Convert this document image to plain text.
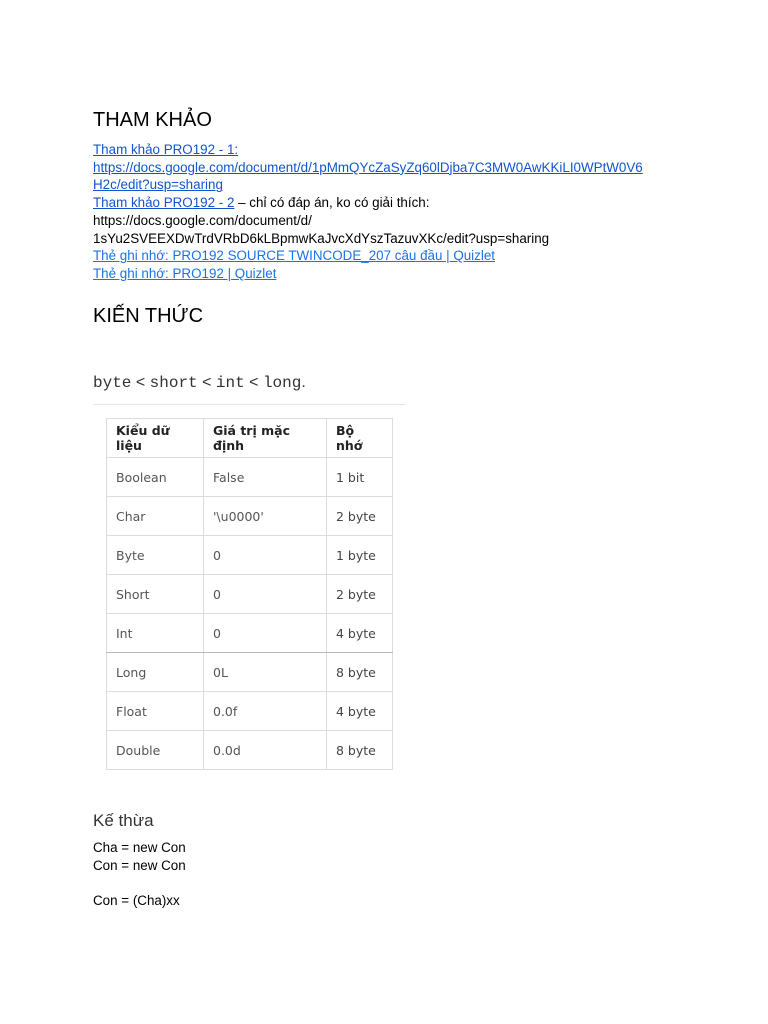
THAM KHẢO
Tham khảo PRO192 - 1:
https://docs.google.com/document/d/1pMmQYcZaSyZq60lDjba7C3MW0AwKKiLI0WPtW0V6
H2c/edit?usp=sharing
Tham khảo PRO192 - 2 – chỉ có đáp án, ko có giải thích:
https://docs.google.com/document/d/
1sYu2SVEEXDwTrdVRbD6kLBpmwKaJvcXdYszTazuvXKc/edit?usp=sharing
Thẻ ghi nhớ: PRO192 SOURCE TWINCODE_207 câu đầu | Quizlet
Thẻ ghi nhớ: PRO192 | Quizlet
KIẾN THỨC
byte < short < int < long.
Kiểu dữ liệu	Giá trị mặc định	Bộ nhớ
Boolean	False	1 bit
Char	'\u0000'	2 byte
Byte	0	1 byte
Short	0	2 byte
Int	0	4 byte
Long	0L	8 byte
Float	0.0f	4 byte
Double	0.0d	8 byte
Kế thừa
Cha = new Con
Con = new Con
Con = (Cha)xx
